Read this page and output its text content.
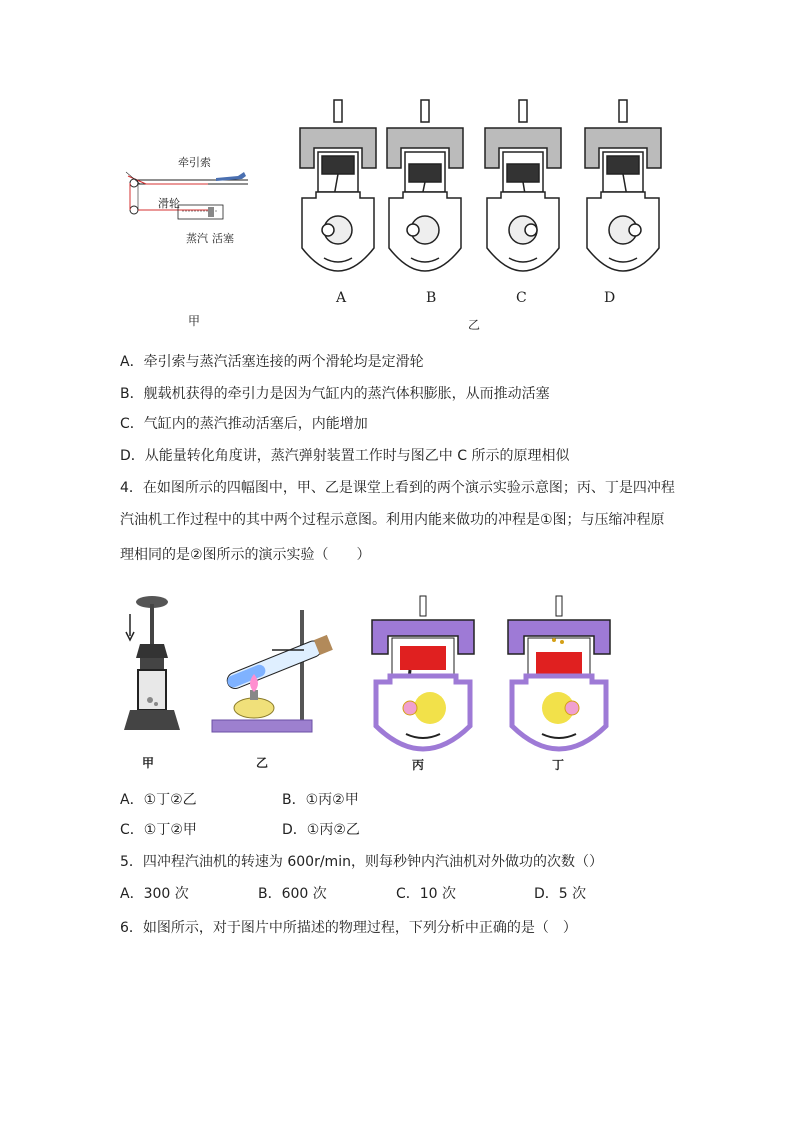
牵引索
滑轮
蒸汽 活塞
甲
A	B	C	D
乙
A．牵引索与蒸汽活塞连接的两个滑轮均是定滑轮
B．舰载机获得的牵引力是因为气缸内的蒸汽体积膨胀，从而推动活塞
C．气缸内的蒸汽推动活塞后，内能增加
D．从能量转化角度讲，蒸汽弹射装置工作时与图乙中 C 所示的原理相似
4．在如图所示的四幅图中，甲、乙是课堂上看到的两个演示实验示意图；丙、丁是四冲程
汽油机工作过程中的其中两个过程示意图。利用内能来做功的冲程是①图；与压缩冲程原
理相同的是②图所示的演示实验（　　）
甲	乙	丙	丁
A．①丁②乙	B．①丙②甲
C．①丁②甲	D．①丙②乙
5．四冲程汽油机的转速为 600r/min，则每秒钟内汽油机对外做功的次数（）
A．300 次	B．600 次	C．10 次	D．5 次
6．如图所示，对于图片中所描述的物理过程，下列分析中正确的是（　）
